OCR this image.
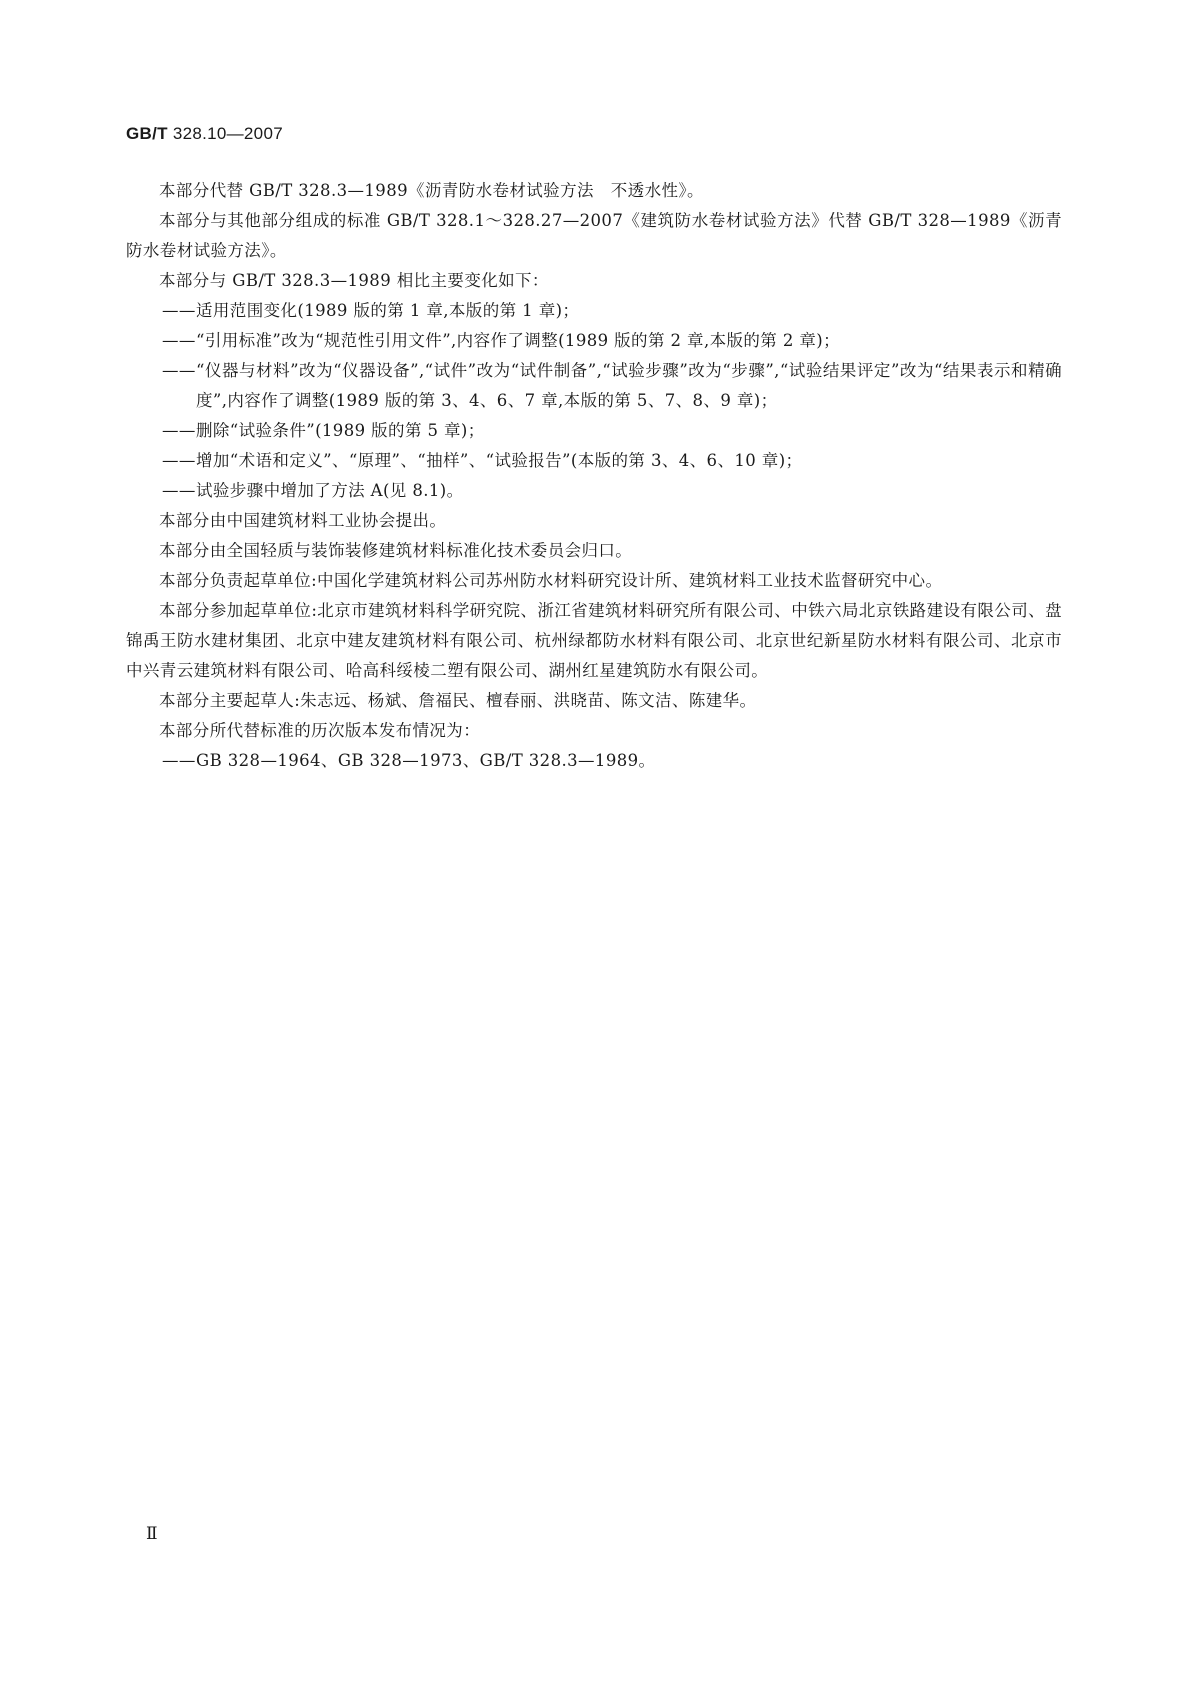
GB/T 328.10—2007

本部分代替 GB/T 328.3—1989《沥青防水卷材试验方法　不透水性》。

本部分与其他部分组成的标准 GB/T 328.1～328.27—2007《建筑防水卷材试验方法》代替 GB/T 328—1989《沥青防水卷材试验方法》。

本部分与 GB/T 328.3—1989 相比主要变化如下：

—— 适用范围变化(1989 版的第 1 章,本版的第 1 章)；
—— “引用标准”改为“规范性引用文件”,内容作了调整(1989 版的第 2 章,本版的第 2 章)；
—— “仪器与材料”改为“仪器设备”,“试件”改为“试件制备”,“试验步骤”改为“步骤”,“试验结果评定”改为“结果表示和精确度”,内容作了调整(1989 版的第 3、4、6、7 章,本版的第 5、7、8、9 章)；
—— 删除“试验条件”(1989 版的第 5 章)；
—— 增加“术语和定义”、“原理”、“抽样”、“试验报告”(本版的第 3、4、6、10 章)；
—— 试验步骤中增加了方法 A(见 8.1)。

本部分由中国建筑材料工业协会提出。

本部分由全国轻质与装饰装修建筑材料标准化技术委员会归口。

本部分负责起草单位:中国化学建筑材料公司苏州防水材料研究设计所、建筑材料工业技术监督研究中心。

本部分参加起草单位:北京市建筑材料科学研究院、浙江省建筑材料研究所有限公司、中铁六局北京铁路建设有限公司、盘锦禹王防水建材集团、北京中建友建筑材料有限公司、杭州绿都防水材料有限公司、北京世纪新星防水材料有限公司、北京市中兴青云建筑材料有限公司、哈高科绥棱二塑有限公司、湖州红星建筑防水有限公司。

本部分主要起草人:朱志远、杨斌、詹福民、檀春丽、洪晓苗、陈文洁、陈建华。

本部分所代替标准的历次版本发布情况为：

—— GB 328—1964、GB 328—1973、GB/T 328.3—1989。
Ⅱ
